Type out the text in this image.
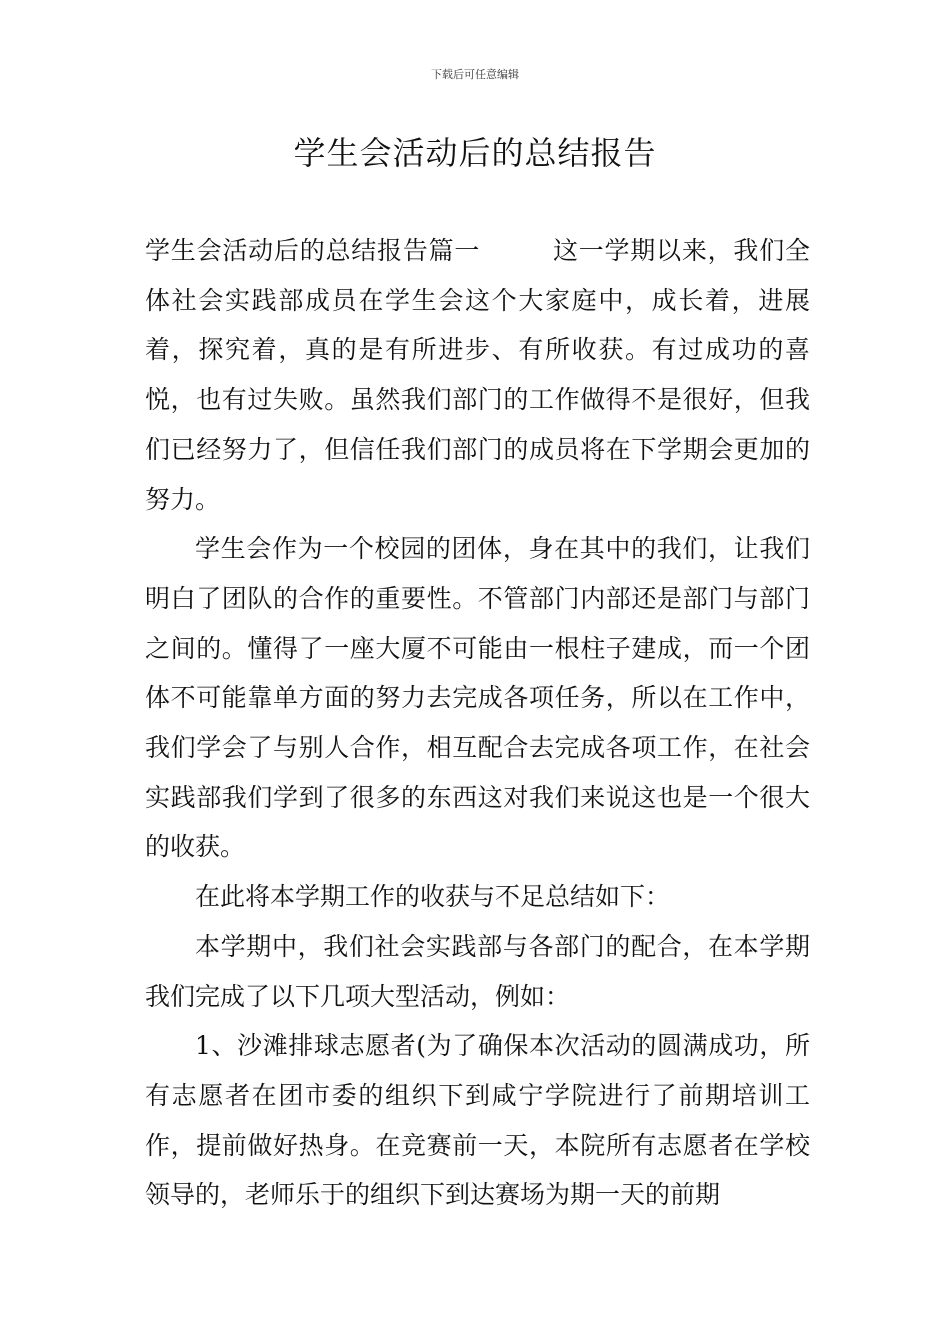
下载后可任意编辑
学生会活动后的总结报告

学生会活动后的总结报告篇一	这一学期以来，我们全体社会实践部成员在学生会这个大家庭中，成长着，进展着，探究着，真的是有所进步、有所收获。有过成功的喜悦，也有过失败。虽然我们部门的工作做得不是很好，但我们已经努力了，但信任我们部门的成员将在下学期会更加的努力。

学生会作为一个校园的团体，身在其中的我们，让我们明白了团队的合作的重要性。不管部门内部还是部门与部门之间的。懂得了一座大厦不可能由一根柱子建成，而一个团体不可能靠单方面的努力去完成各项任务，所以在工作中，我们学会了与别人合作，相互配合去完成各项工作，在社会实践部我们学到了很多的东西这对我们来说这也是一个很大的收获。

在此将本学期工作的收获与不足总结如下：

本学期中，我们社会实践部与各部门的配合，在本学期我们完成了以下几项大型活动，例如：

1、沙滩排球志愿者(为了确保本次活动的圆满成功，所有志愿者在团市委的组织下到咸宁学院进行了前期培训工作，提前做好热身。在竞赛前一天，本院所有志愿者在学校领导的，老师乐于的组织下到达赛场为期一天的前期
